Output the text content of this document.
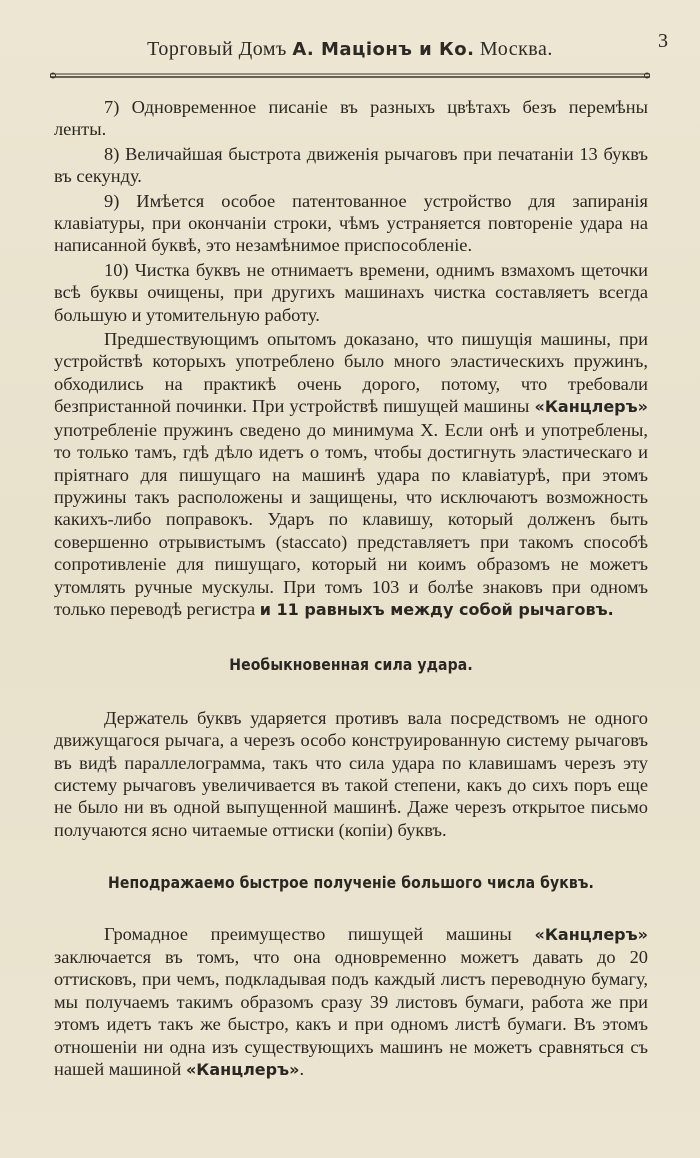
Торговый Домъ А. Маціонъ и Ко. Москва.	3

7) Одновременное писаніе въ разныхъ цвѣтахъ безъ перемѣны ленты.

8) Величайшая быстрота движенія рычаговъ при печатаніи 13 буквъ въ секунду.

9) Имѣется особое патентованное устройство для запиранія клавіатуры, при окончаніи строки, чѣмъ устраняется повтореніе удара на написанной буквѣ, это незамѣнимое приспособленіе.

10) Чистка буквъ не отнимаетъ времени, однимъ взмахомъ щеточки всѣ буквы очищены, при другихъ машинахъ чистка составляетъ всегда большую и утомительную работу.

Предшествующимъ опытомъ доказано, что пишущія машины, при устройствѣ которыхъ употреблено было много эластическихъ пружинъ, обходились на практикѣ очень дорого, потому, что требовали безпристанной починки. При устройствѣ пишущей машины «Канцлеръ» употребленіе пружинъ сведено до минимума X. Если онѣ и употреблены, то только тамъ, гдѣ дѣло идетъ о томъ, чтобы достигнуть эластическаго и пріятнаго для пишущаго на машинѣ удара по клавіатурѣ, при этомъ пружины такъ расположены и защищены, что исключаютъ возможность какихъ-либо поправокъ. Ударъ по клавишу, который долженъ быть совершенно отрывистымъ (staccato) представляетъ при такомъ способѣ сопротивленіе для пишущаго, который ни коимъ образомъ не можетъ утомлять ручные мускулы. При томъ 103 и болѣе знаковъ при одномъ только переводѣ регистра и 11 равныхъ между собой рычаговъ.

Необыкновенная сила удара.

Держатель буквъ ударяется противъ вала посредствомъ не одного движущагося рычага, а черезъ особо конструированную систему рычаговъ въ видѣ параллелограмма, такъ что сила удара по клавишамъ черезъ эту систему рычаговъ увеличивается въ такой степени, какъ до сихъ поръ еще не было ни въ одной выпущенной машинѣ. Даже черезъ открытое письмо получаются ясно читаемые оттиски (копіи) буквъ.

Неподражаемо быстрое полученіе большого числа буквъ.

Громадное преимущество пишущей машины «Канцлеръ» заключается въ томъ, что она одновременно можетъ давать до 20 оттисковъ, при чемъ, подкладывая подъ каждый листъ переводную бумагу, мы получаемъ такимъ образомъ сразу 39 листовъ бумаги, работа же при этомъ идетъ такъ же быстро, какъ и при одномъ листѣ бумаги. Въ этомъ отношеніи ни одна изъ существующихъ машинъ не можетъ сравняться съ нашей машиной «Канцлеръ».
